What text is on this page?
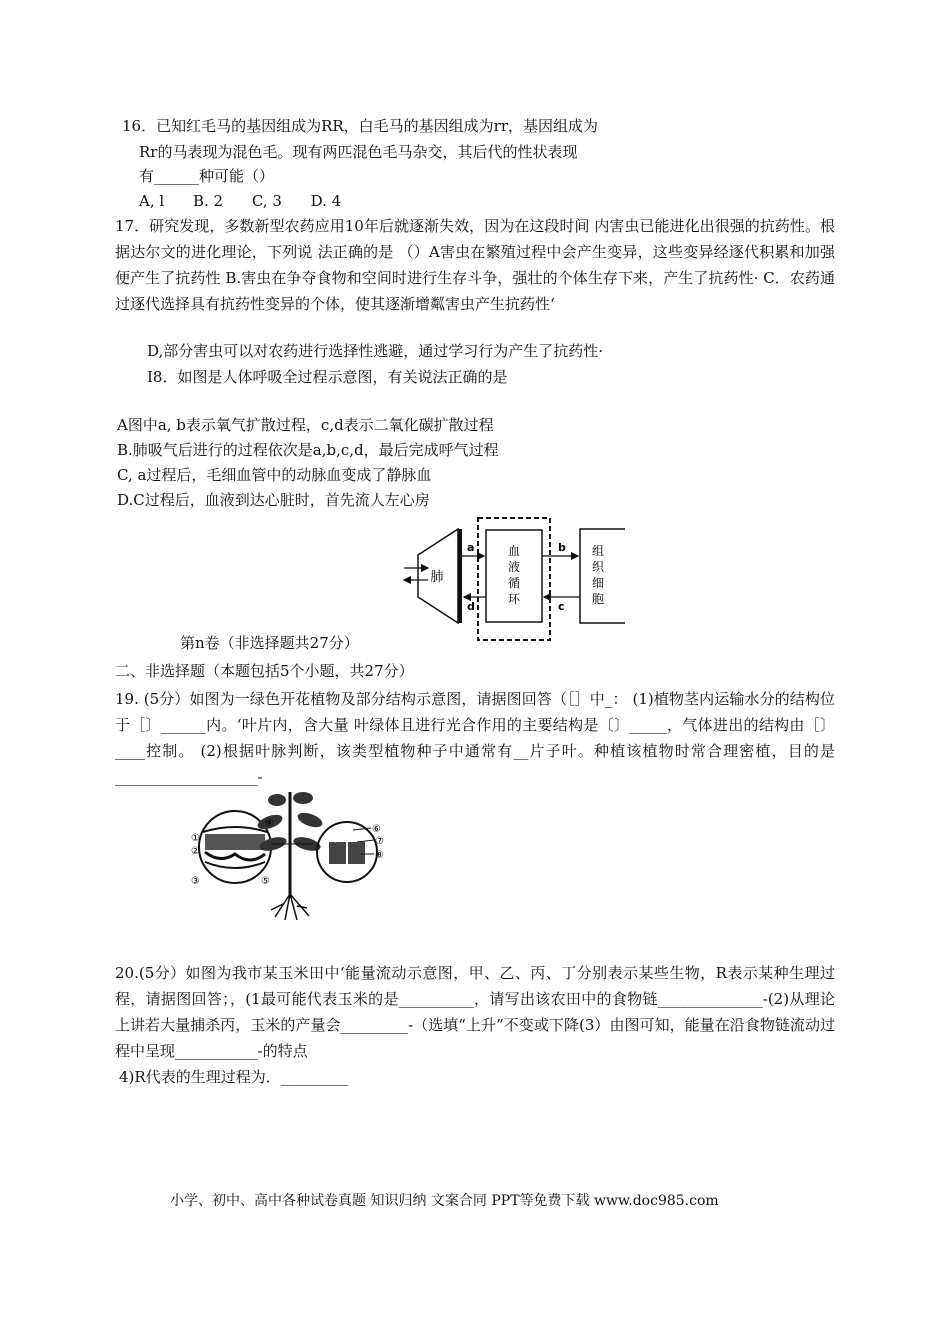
16．已知红毛马的基因组成为RR，白毛马的基因组成为rr，基因组成为
Rr的马表现为混色毛。现有两匹混色毛马杂交，其后代的性状表现
有______种可能（）
A, l B. 2 C, 3 D. 4
17．研究发现，多数新型农药应用10年后就逐渐失效，因为在这段时间 内害虫已能进化出很强的抗药性。根据达尔文的进化理论，下列说 法正确的是 （）A害虫在繁殖过程中会产生变异，这些变异经逐代积累和加强便产生了抗药性 B.害虫在争夺食物和空间时进行生存斗争，强壮的个体生存下来，产生了抗药性· C．农药通过逐代选择具有抗药性变异的个体，使其逐渐增粼害虫产生抗药性‘
D,部分害虫可以对农药进行选择性逃避，通过学习行为产生了抗药性·
I8．如图是人体呼吸全过程示意图，有关说法正确的是
A图中a, b表示氧气扩散过程，c,d表示二氧化碳扩散过程
B.肺吸气后进行的过程依次是a,b,c,d，最后完成呼气过程
C, a过程后，毛细血管中的动脉血变成了静脉血
D.C过程后，血液到达心脏时，首先流人左心房
肺
血
液
循
环
组
织
细
胞
a
d
b
c
第n卷（非选择题共27分）
二、非选择题（本题包括5个小题，共27分）
19. (5分）如图为一绿色开花植物及部分结构示意图，请据图回答（［］中_： (1)植物茎内运输水分的结构位于［〕______内。‘叶片内，含大量 叶绿体且进行光合作用的主要结构是〔〕_____，气体进出的结构由［〕____控制。 (2)根据叶脉判断，该类型植物种子中通常有__片子叶。种植该植物时常合理密植，目的是___________________-
①
②
③
④
⑤
⑥
⑦
⑧
20.(5分）如图为我市某玉米田中‘能量流动示意图，甲、乙、丙、丁分别表示某些生物，R表示某种生理过程，请据图回答；，(1最可能代表玉米的是__________，请写出该农田中的食物链______________-(2)从理论上讲若大量捕杀丙，玉米的产量会_________-（选填“上升”不变或下降(3）由图可知，能量在沿食物链流动过程中呈现___________-的特点
4)R代表的生理过程为．_________
小学、初中、高中各种试卷真题 知识归纳 文案合同 PPT等免费下载 www.doc985.com
